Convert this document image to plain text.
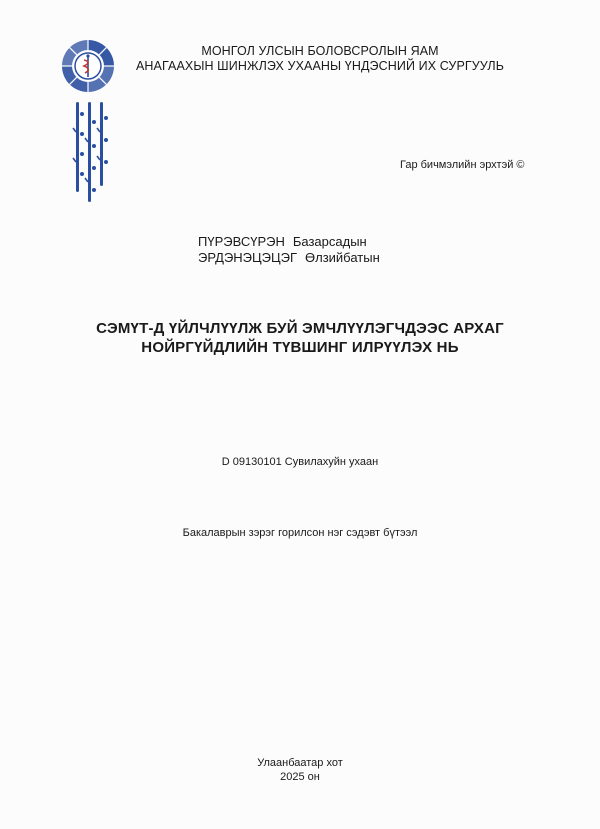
МОНГОЛ УЛСЫН БОЛОВСРОЛЫН ЯАМ
АНАГААХЫН ШИНЖЛЭХ УХААНЫ ҮНДЭСНИЙ ИХ СУРГУУЛЬ
Гар бичмэлийн эрхтэй ©
ПҮРЭВСҮРЭН Базарсадын
ЭРДЭНЭЦЭЦЭГ Өлзийбатын
СЭМҮТ-Д ҮЙЛЧЛҮҮЛЖ БУЙ ЭМЧЛҮҮЛЭГЧДЭЭС АРХАГ
НОЙРГҮЙДЛИЙН ТҮВШИНГ ИЛРҮҮЛЭХ НЬ
D 09130101 Сувилахуйн ухаан
Бакалаврын зэрэг горилсон нэг сэдэвт бүтээл
Улаанбаатар хот
2025 он
